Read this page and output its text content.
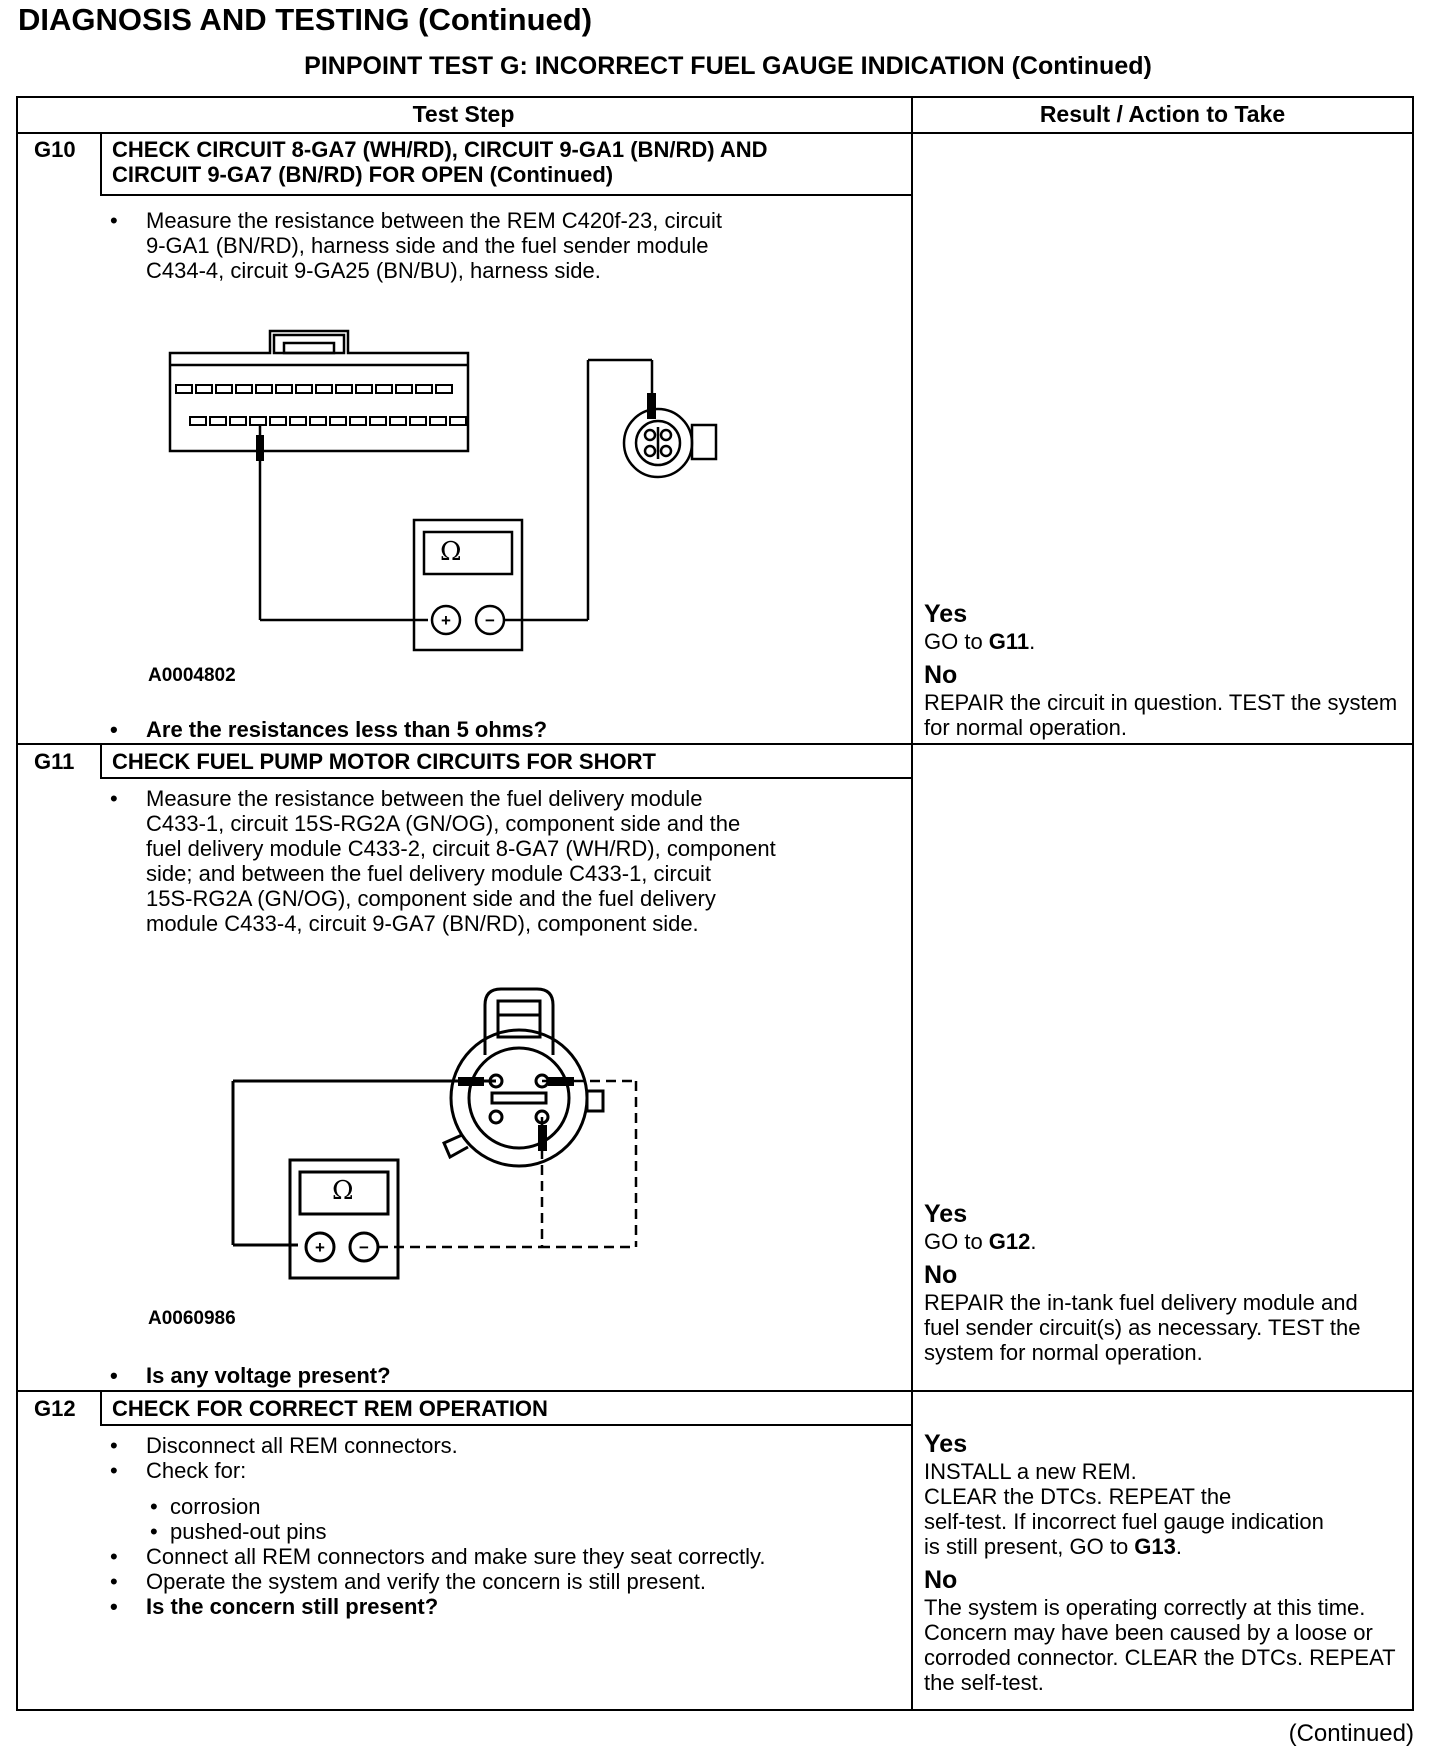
DIAGNOSIS AND TESTING (Continued)
PINPOINT TEST G: INCORRECT FUEL GAUGE INDICATION (Continued)
Test Step	Result / Action to Take
G10 CHECK CIRCUIT 8-GA7 (WH/RD), CIRCUIT 9-GA1 (BN/RD) AND
CIRCUIT 9-GA7 (BN/RD) FOR OPEN (Continued)
• Measure the resistance between the REM C420f-23, circuit
9-GA1 (BN/RD), harness side and the fuel sender module
C434-4, circuit 9-GA25 (BN/BU), harness side.
+ −
Ω
A0004802
• Are the resistances less than 5 ohms?
Yes
GO to G11.
No
REPAIR the circuit in question. TEST the system for normal operation.
G11 CHECK FUEL PUMP MOTOR CIRCUITS FOR SHORT
• Measure the resistance between the fuel delivery module
C433-1, circuit 15S-RG2A (GN/OG), component side and the
fuel delivery module C433-2, circuit 8-GA7 (WH/RD), component
side; and between the fuel delivery module C433-1, circuit
15S-RG2A (GN/OG), component side and the fuel delivery
module C433-4, circuit 9-GA7 (BN/RD), component side.
+ −
Ω
A0060986
• Is any voltage present?
Yes
GO to G12.
No
REPAIR the in-tank fuel delivery module and fuel sender circuit(s) as necessary. TEST the system for normal operation.
G12 CHECK FOR CORRECT REM OPERATION
• Disconnect all REM connectors.
• Check for:
• corrosion
• pushed-out pins
• Connect all REM connectors and make sure they seat correctly.
• Operate the system and verify the concern is still present.
• Is the concern still present?
Yes
INSTALL a new REM.
CLEAR the DTCs. REPEAT the
self-test. If incorrect fuel gauge indication
is still present, GO to G13.
No
The system is operating correctly at this time. Concern may have been caused by a loose or corroded connector. CLEAR the DTCs. REPEAT the self-test.
(Continued)
